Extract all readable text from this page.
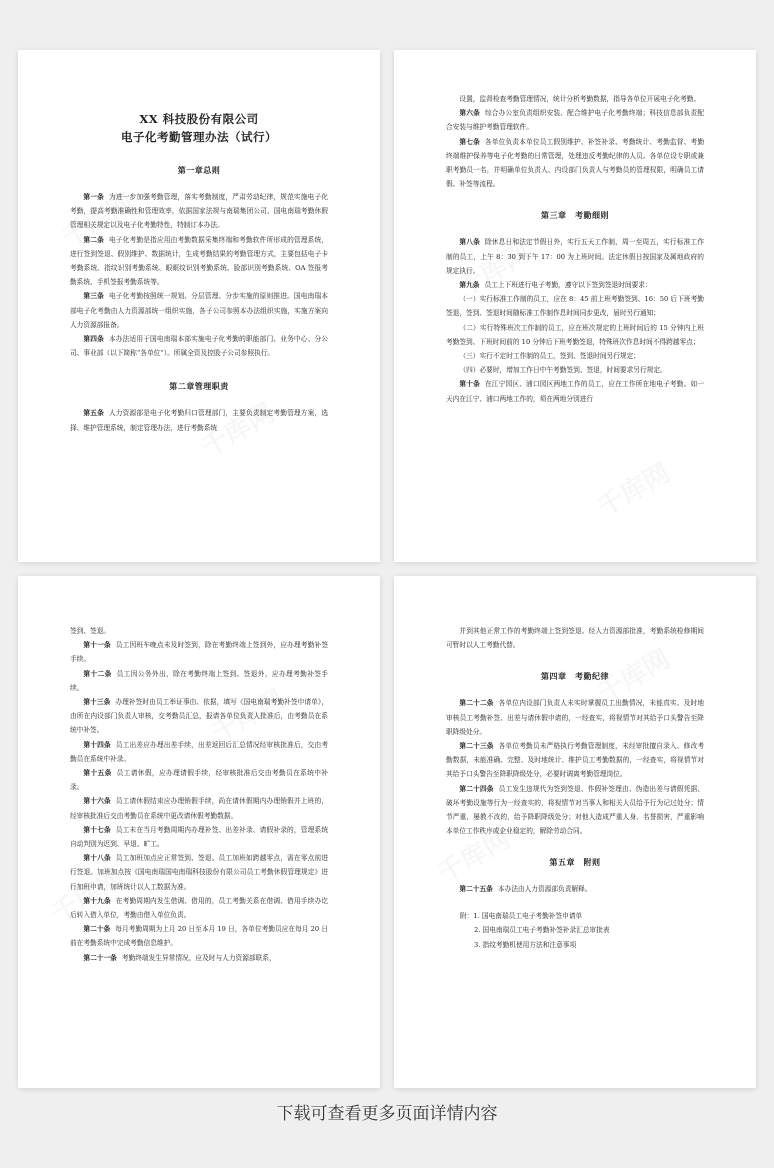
XX 科技股份有限公司
电子化考勤管理办法（试行）
第一章总则

第一条 为进一步加强考勤管理，落实考勤制度，严肃劳动纪律，规范实施电子化考勤，提高考勤准确性和管理效率，依据国家法规与南瑞集团公司、国电南瑞考勤休假管理相关规定以及电子化考勤特性，特制订本办法。

第二条 电子化考勤是指应用由考勤数据采集终端和考勤软件所形成的管理系统，进行签到签退、假别维护、数据统计，生成考勤结果的考勤管理方式，主要包括电子卡考勤系统、指纹识别考勤系统、眼眶纹识别考勤系统、脸部识别考勤系统、OA 签报考勤系统、手机签报考勤系统等。

第三条 电子化考勤按照统一规划、分层管理、分步实施的原则推进。国电南瑞本部电子化考勤由人力资源部统一组织实施，各子公司参照本办法组织实施，实施方案向人力资源部报备。

第四条 本办法适用于国电南瑞本部实施电子化考勤的职能部门、业务中心、分公司、事业部（以下简称“各单位”）。所属全资及控股子公司参照执行。

第二章管理职责

第五条 人力资源部是电子化考勤归口管理部门，主要负责制定考勤管理方案，选择、维护管理系统，制定管理办法，进行考勤系统

设置，监督检查考勤管理情况，统计分析考勤数据，指导各单位开展电子化考勤。

第六条 综合办公室负责组织安装、配合维护电子化考勤终端；科技信息部负责配合安装与维护考勤管理软件。

第七条 各单位负责本单位员工假别维护、补签补录、考勤统计、考勤监督、考勤终端维护保养等电子化考勤的日常管理，处理违反考勤纪律的人员。各单位设专职或兼职考勤员一名，并明确单位负责人、内设部门负责人与考勤员的管理权限，明确员工请假、补签等流程。

第三章　考勤细则

第八条 除休息日和法定节假日外，实行五天工作制，周一至周五，实行标准工作制的员工，上午 8：30 到下午 17：00 为上班时间。法定休假日按国家及属地政府的规定执行。

第九条 员工上下班进行电子考勤，遵守以下签到签退时间要求：

（一）实行标准工作制的员工，应在 8：45 前上班考勤签到、16：50 后下班考勤签退，签到、签退时间随标准工作制作息时间同步更改，届时另行通知；

（二）实行特殊班次工作制的员工，应在班次规定的上班时间后的 15 分钟内上班考勤签到、下班时间前的 10 分钟后下班考勤签退，特殊班次作息时间不得跨越零点；

（三）实行不定时工作制的员工，签到、签退时间另行规定；

（四）必要时，增加工作日中午考勤签到、签退，时间要求另行规定。

第十条 在江宁园区、浦口园区两地工作的员工，应在工作所在地电子考勤。如一天内在江宁、浦口两地工作的，须在两地分别进行

签到、签退。

第十一条 员工因班车晚点未及时签到，除在考勤终端上签到外，应办理考勤补签手续。

第十二条 员工因公务外出，除在考勤终端上签到、签退外，应办理考勤补签手续。

第十三条 办理补签时由员工举证事由、依据，填写《国电南瑞考勤补签申请单》，由所在内设部门负责人审核，交考勤员汇总，报请各单位负责人批准后，由考勤员在系统中补签。

第十四条 员工出差应办理出差手续，出差返回后汇总情况经审核批准后，交由考勤员在系统中补录。

第十五条 员工请休假，应办理请假手续，经审核批准后交由考勤员在系统中补录。

第十六条 员工请休假结束应办理销假手续，尚在请休假期内办理销假并上班的，经审核批准后交由考勤员在系统中更改请休假考勤数据。

第十七条 员工未在当月考勤周期内办理补签、出差补录、请假补录的，管理系统自动判别为迟到、早退、旷工。

第十八条 员工加班加点应正常签到、签退。员工加班如跨越零点，需在零点前进行签退。加班加点按《国电南瑞国电南瑞科技股份有限公司员工考勤休假管理规定》进行加班申请，加班统计以人工数据为准。

第十九条 在考勤周期内发生借调、借用的，员工考勤关系在借调、借用手续办讫后转入借入单位，考勤由借入单位负责。

第二十条 每月考勤周期为上月 20 日至本月 19 日，各单位考勤员应在每月 20 日前在考勤系统中完成考勤信息维护。

第二十一条 考勤终端发生异常情况，应及时与人力资源部联系，

并到其他正常工作的考勤终端上签到签退。经人力资源部批准，考勤系统检修期间可暂时以人工考勤代替。

第四章　考勤纪律

第二十二条 各单位内设部门负责人未实时掌握员工出勤情况，未能真实、及时地审核员工考勤补签、出差与请休假申请的，一经查实，将视情节对其给予口头警告至降职降级处分。

第二十三条 各单位考勤员未严格执行考勤管理制度，未经审批擅自录入、修改考勤数据，未能准确、完整、及时地统计、维护员工考勤数据的，一经查实，将视情节对其给予口头警告至降职降级处分，必要时调离考勤管理岗位。

第二十四条 员工发生违规代为签到签退、作假补签理由、伪造出差与请假凭据、破坏考勤设施等行为一经查实的，将视情节对当事人和相关人员给予行为记过处分；情节严重、屡教不改的，给予降职降级处分；对他人造成严重人身、名誉损害，严重影响本单位工作秩序或企业稳定的，解除劳动合同。

第五章　附则

第二十五条 本办法由人力资源部负责解释。

附：1. 国电南瑞员工电子考勤补签申请单
2. 国电南瑞员工电子考勤补签补录汇总审批表
3. 指纹考勤机使用方法和注意事项
下载可查看更多页面详情内容
